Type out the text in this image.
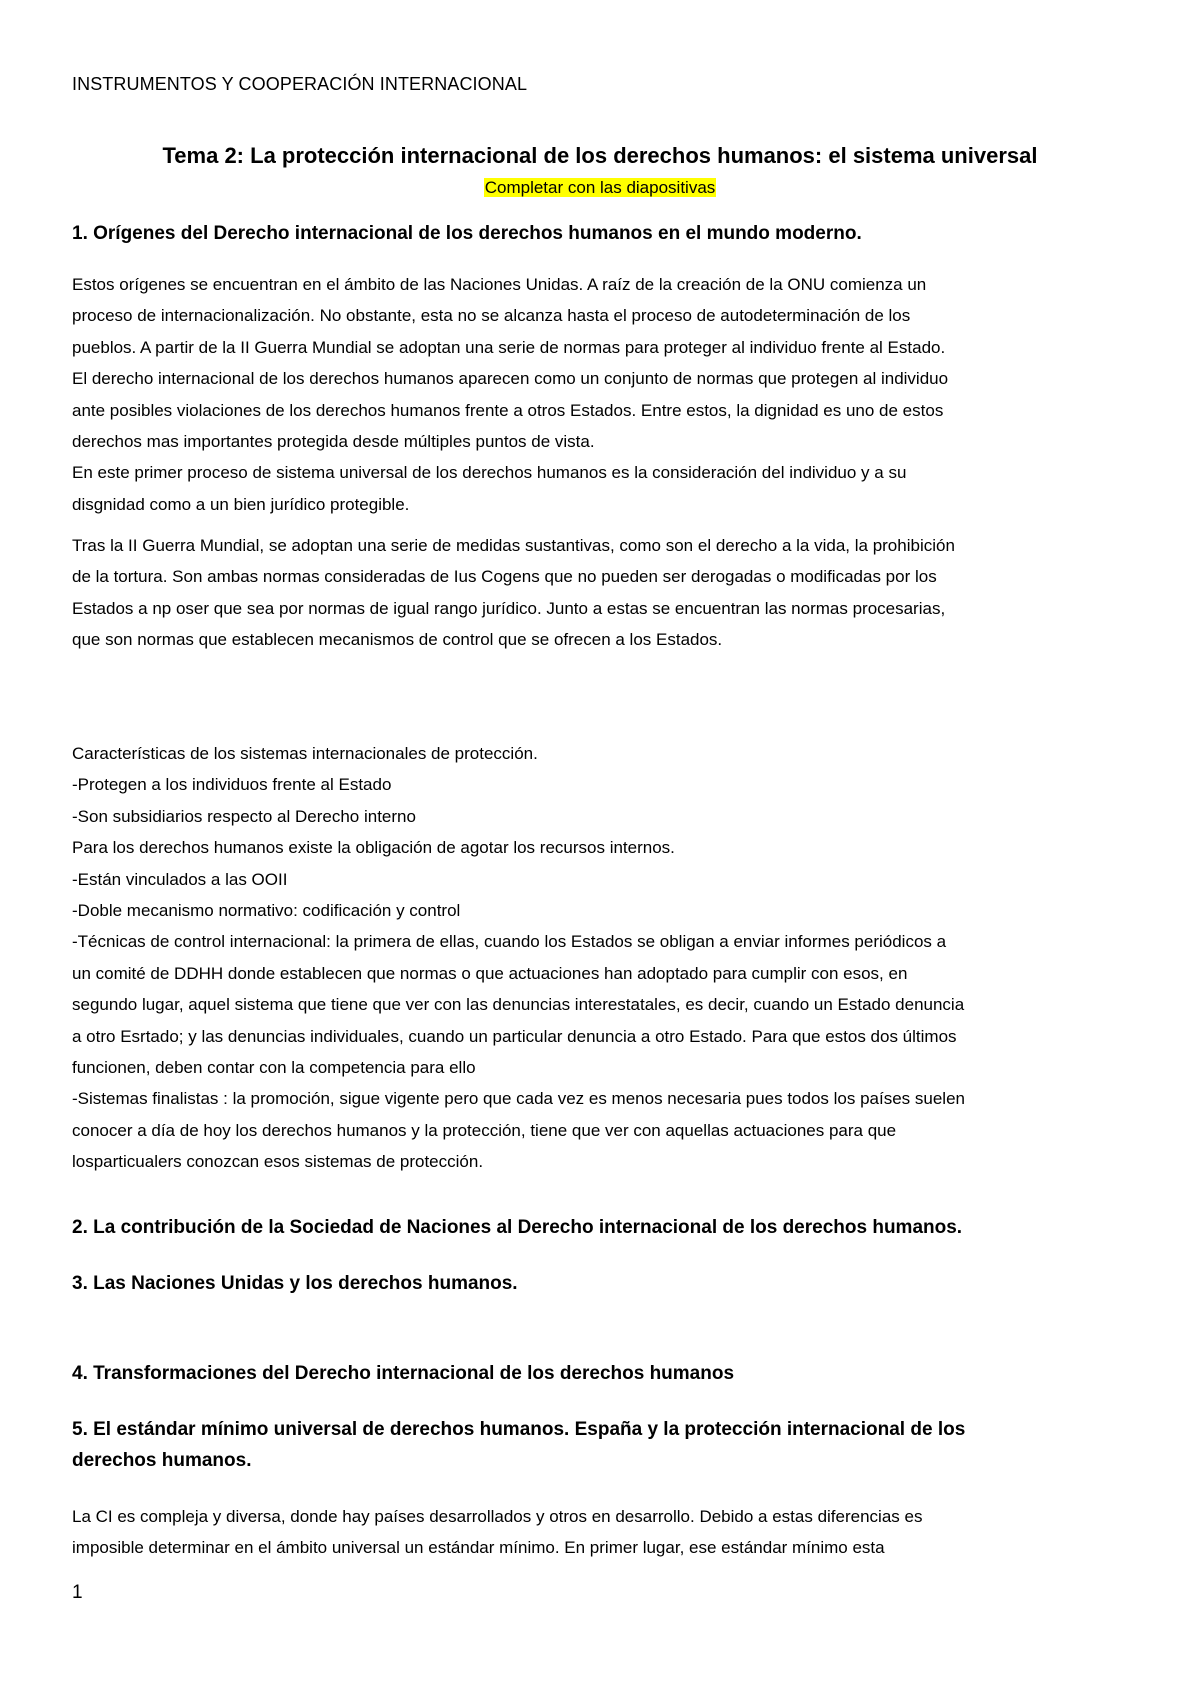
INSTRUMENTOS Y COOPERACIÓN INTERNACIONAL
Tema 2: La protección internacional de los derechos humanos: el sistema universal
Completar con las diapositivas
1. Orígenes del Derecho internacional de los derechos humanos en el mundo moderno.
Estos orígenes se encuentran en el ámbito de las Naciones Unidas. A raíz de la creación de la ONU comienza un
proceso de internacionalización. No obstante, esta no se alcanza hasta el proceso de autodeterminación de los
pueblos. A partir de la II Guerra Mundial se adoptan una serie de normas para proteger al individuo frente al Estado.
El derecho internacional de los derechos humanos aparecen como un conjunto de normas que protegen al individuo
ante posibles violaciones de los derechos humanos frente a otros Estados. Entre estos, la dignidad es uno de estos
derechos mas importantes protegida desde múltiples puntos de vista.
En este primer proceso de sistema universal de los derechos humanos es la consideración del individuo y a su
disgnidad como a un bien jurídico protegible.
Tras la II Guerra Mundial, se adoptan una serie de medidas sustantivas, como son el derecho a la vida, la prohibición
de la tortura. Son ambas normas consideradas de Ius Cogens que no pueden ser derogadas o modificadas por los
Estados a np oser que sea por normas de igual rango jurídico. Junto a estas se encuentran las normas procesarias,
que son normas que establecen mecanismos de control que se ofrecen a los Estados.
Características de los sistemas internacionales de protección.
-Protegen a los individuos frente al Estado
-Son subsidiarios respecto al Derecho interno
Para los derechos humanos existe la obligación de agotar los recursos internos.
-Están vinculados a las OOII
-Doble mecanismo normativo: codificación y control
-Técnicas de control internacional: la primera de ellas, cuando los Estados se obligan a enviar informes periódicos a
un comité de DDHH donde establecen que normas o que actuaciones han adoptado para cumplir con esos, en
segundo lugar, aquel sistema que tiene que ver con las denuncias interestatales, es decir, cuando un Estado denuncia
a otro Esrtado; y las denuncias individuales, cuando un particular denuncia a otro Estado. Para que estos dos últimos
funcionen, deben contar con la competencia para ello
-Sistemas finalistas : la promoción, sigue vigente pero que cada vez es menos necesaria pues todos los países suelen
conocer a día de hoy los derechos humanos y la protección, tiene que ver con aquellas actuaciones para que
losparticualers conozcan esos sistemas de protección.
2. La contribución de la Sociedad de Naciones al Derecho internacional de los derechos humanos.
3. Las Naciones Unidas y los derechos humanos.
4. Transformaciones del Derecho internacional de los derechos humanos
5. El estándar mínimo universal de derechos humanos. España y la protección internacional de los
derechos humanos.
La CI es compleja y diversa, donde hay países desarrollados y otros en desarrollo. Debido a estas diferencias es
imposible determinar en el ámbito universal un estándar mínimo. En primer lugar, ese estándar mínimo esta
1
